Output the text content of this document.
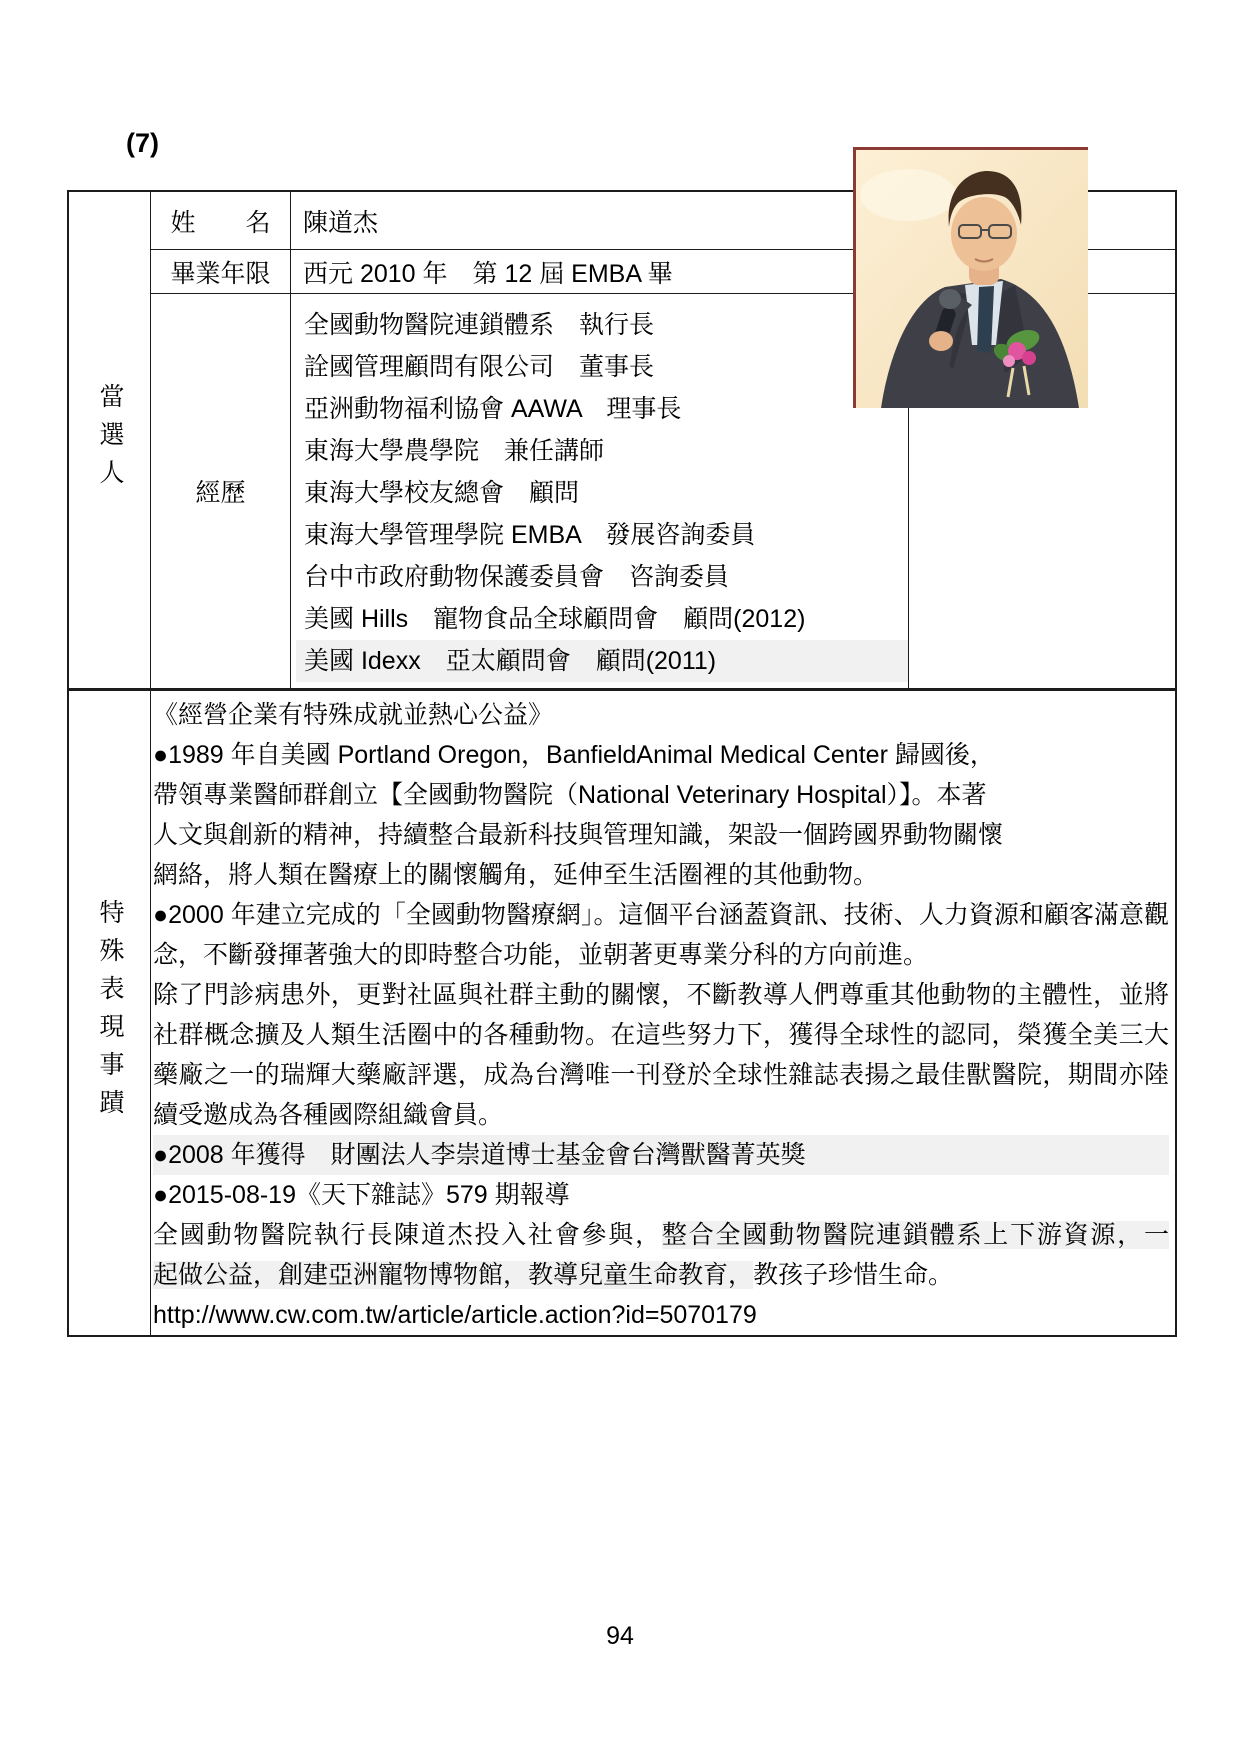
(7)
當選人
姓　　名 陳道杰
畢業年限 西元 2010 年　第 12 屆 EMBA 畢
經歷
全國動物醫院連鎖體系　執行長
詮國管理顧問有限公司　董事長
亞洲動物福利協會 AAWA　理事長
東海大學農學院　兼任講師
東海大學校友總會　顧問
東海大學管理學院 EMBA　發展咨詢委員
台中市政府動物保護委員會　咨詢委員
美國 Hills　寵物食品全球顧問會　顧問(2012)
美國 Idexx　亞太顧問會　顧問(2011)
特殊表現事蹟
《經營企業有特殊成就並熱心公益》
●1989 年自美國 Portland Oregon，BanfieldAnimal Medical Center 歸國後，
帶領專業醫師群創立【全國動物醫院（National Veterinary Hospital）】。本著
人文與創新的精神，持續整合最新科技與管理知識，架設一個跨國界動物關懷
網絡，將人類在醫療上的關懷觸角，延伸至生活圈裡的其他動物。
●2000 年建立完成的「全國動物醫療網」。這個平台涵蓋資訊、技術、人力資源和顧客滿意觀
念，不斷發揮著強大的即時整合功能，並朝著更專業分科的方向前進。
除了門診病患外，更對社區與社群主動的關懷，不斷教導人們尊重其他動物的主體性，並將
社群概念擴及人類生活圈中的各種動物。在這些努力下，獲得全球性的認同，榮獲全美三大
藥廠之一的瑞輝大藥廠評選，成為台灣唯一刊登於全球性雜誌表揚之最佳獸醫院，期間亦陸
續受邀成為各種國際組織會員。
●2008 年獲得　財團法人李崇道博士基金會台灣獸醫菁英獎
●2015-08-19《天下雜誌》579 期報導
全國動物醫院執行長陳道杰投入社會參與，整合全國動物醫院連鎖體系上下游資源，一
起做公益，創建亞洲寵物博物館，教導兒童生命教育，教孩子珍惜生命。
http://www.cw.com.tw/article/article.action?id=5070179
94
